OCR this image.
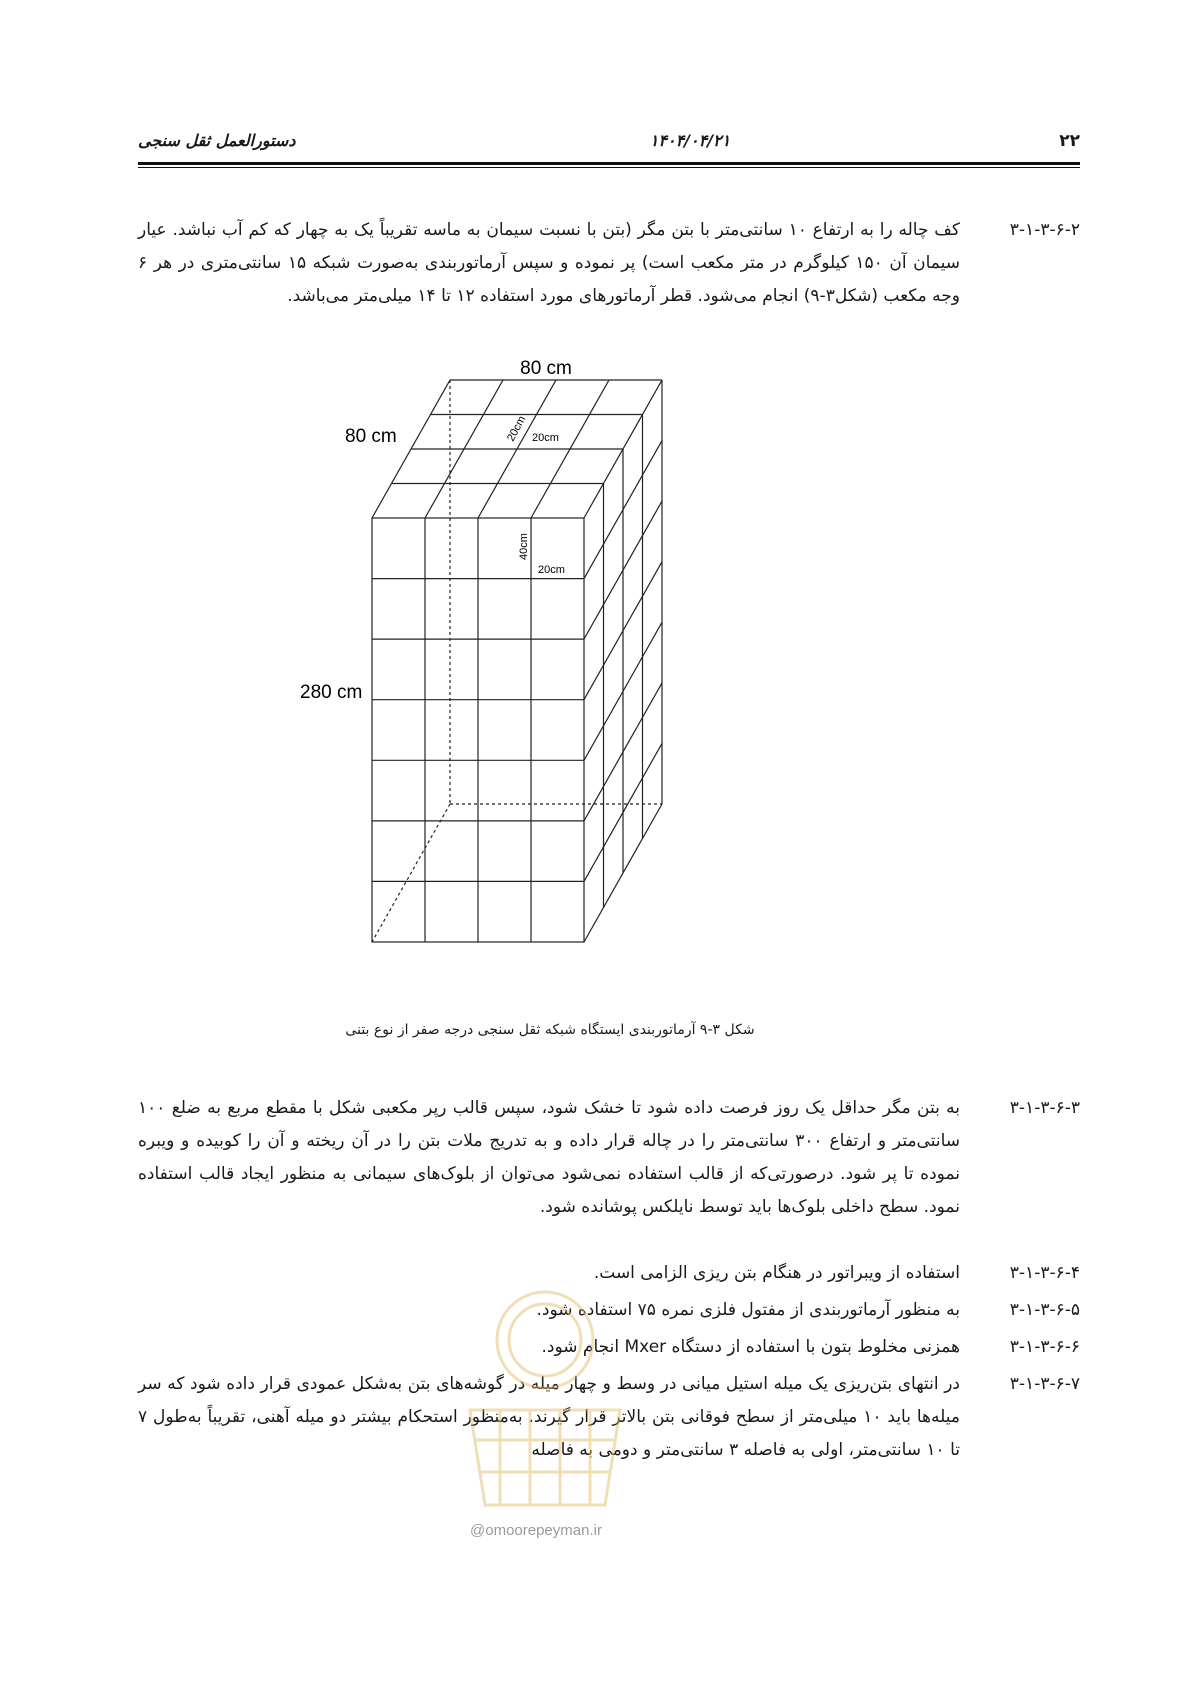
۲۲
۱۴۰۴/۰۴/۲۱
دستورالعمل ثقل سنجی
۳-۱-۳-۶-۲
کف چاله را به ارتفاع ۱۰ سانتی‌متر با بتن مگر (بتن با نسبت سیمان به ماسه تقریباً یک به چهار که کم آب نباشد. عیار سیمان آن ۱۵۰ کیلوگرم در متر مکعب است) پر نموده و سپس آرماتوربندی به‌صورت شبکه ۱۵ سانتی‌متری در هر ۶ وجه مکعب (شکل۳-۹) انجام می‌شود. قطر آرماتورهای مورد استفاده ۱۲ تا ۱۴ میلی‌متر می‌باشد.
80 cm
80 cm
280 cm
20cm 20cm
40cm
20cm
شکل ۳-۹ آرماتوربندی ایستگاه شبکه ثقل سنجی درجه صفر از نوع بتنی
۳-۱-۳-۶-۳
به بتن مگر حداقل یک روز فرصت داده شود تا خشک شود، سپس قالب رپر مکعبی شکل با مقطع مربع به ضلع ۱۰۰ سانتی‌متر و ارتفاع ۳۰۰ سانتی‌متر را در چاله قرار داده و به تدریج ملات بتن را در آن ریخته و آن را کوبیده و ویبره نموده تا پر شود. درصورتی‌که از قالب استفاده نمی‌شود می‌توان از بلوک‌های سیمانی به منظور ایجاد قالب استفاده نمود. سطح داخلی بلوک‌ها باید توسط نایلکس پوشانده شود.
۳-۱-۳-۶-۴
استفاده از ویبراتور در هنگام بتن ریزی الزامی است.
۳-۱-۳-۶-۵
به منظور آرماتوربندی از مفتول فلزی نمره ۷۵ استفاده شود.
۳-۱-۳-۶-۶
همزنی مخلوط بتون با استفاده از دستگاه Mxer انجام شود.
۳-۱-۳-۶-۷
در انتهای بتن‌ریزی یک میله استیل میانی در وسط و چهار میله در گوشه‌های بتن به‌شکل عمودی قرار داده شود که سر میله‌ها باید ۱۰ میلی‌متر از سطح فوقانی بتن بالاتر قرار گیرند. به‌منظور استحکام بیشتر دو میله آهنی، تقریباً به‌طول ۷ تا ۱۰ سانتی‌متر، اولی به فاصله ۳ سانتی‌متر و دومی به فاصله
@omoorepeyman.ir
